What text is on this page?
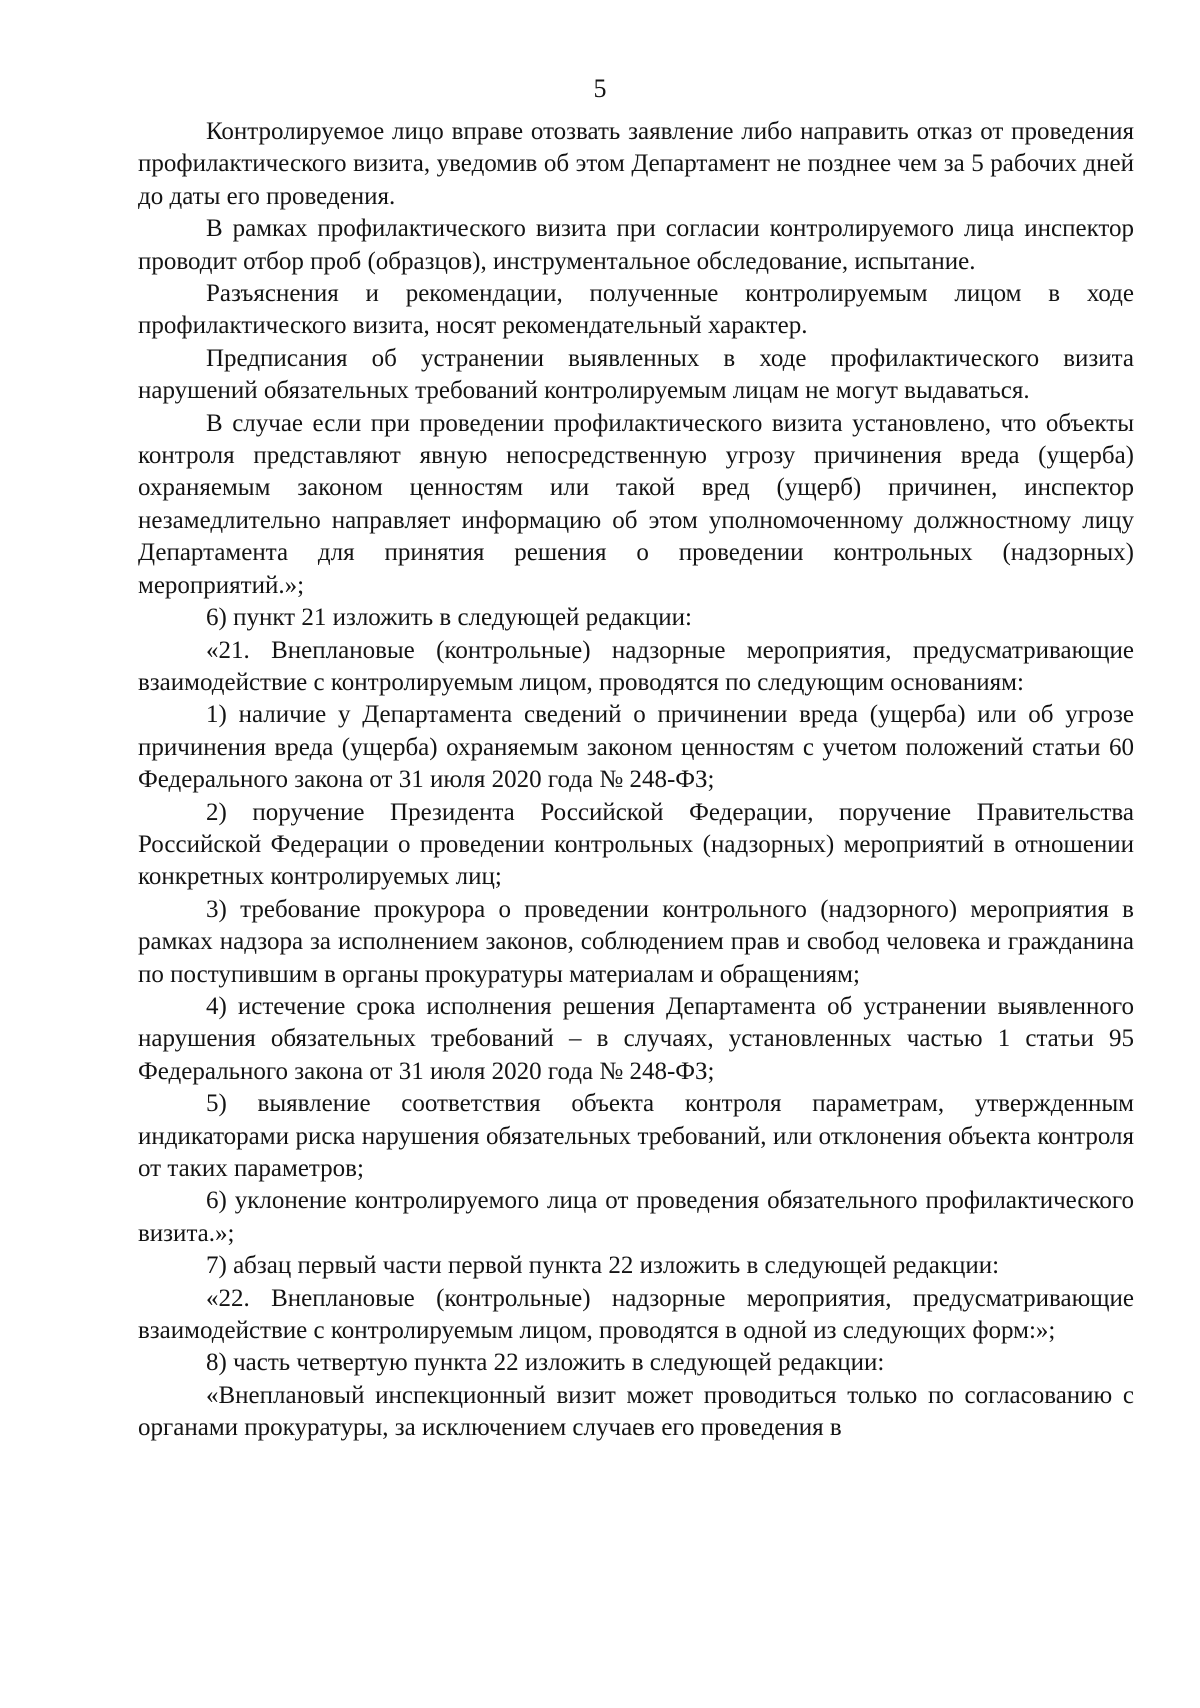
5

Контролируемое лицо вправе отозвать заявление либо направить отказ от проведения профилактического визита, уведомив об этом Департамент не позднее чем за 5 рабочих дней до даты его проведения.

В рамках профилактического визита при согласии контролируемого лица инспектор проводит отбор проб (образцов), инструментальное обследование, испытание.

Разъяснения и рекомендации, полученные контролируемым лицом в ходе профилактического визита, носят рекомендательный характер.

Предписания об устранении выявленных в ходе профилактического визита нарушений обязательных требований контролируемым лицам не могут выдаваться.

В случае если при проведении профилактического визита установлено, что объекты контроля представляют явную непосредственную угрозу причинения вреда (ущерба) охраняемым законом ценностям или такой вред (ущерб) причинен, инспектор незамедлительно направляет информацию об этом уполномоченному должностному лицу Департамента для принятия решения о проведении контрольных (надзорных) мероприятий.»;

6) пункт 21 изложить в следующей редакции:

«21. Внеплановые (контрольные) надзорные мероприятия, предусматривающие взаимодействие с контролируемым лицом, проводятся по следующим основаниям:

1) наличие у Департамента сведений о причинении вреда (ущерба) или об угрозе причинения вреда (ущерба) охраняемым законом ценностям с учетом положений статьи 60 Федерального закона от 31 июля 2020 года № 248-ФЗ;

2) поручение Президента Российской Федерации, поручение Правительства Российской Федерации о проведении контрольных (надзорных) мероприятий в отношении конкретных контролируемых лиц;

3) требование прокурора о проведении контрольного (надзорного) мероприятия в рамках надзора за исполнением законов, соблюдением прав и свобод человека и гражданина по поступившим в органы прокуратуры материалам и обращениям;

4) истечение срока исполнения решения Департамента об устранении выявленного нарушения обязательных требований – в случаях, установленных частью 1 статьи 95 Федерального закона от 31 июля 2020 года № 248-ФЗ;

5) выявление соответствия объекта контроля параметрам, утвержденным индикаторами риска нарушения обязательных требований, или отклонения объекта контроля от таких параметров;

6) уклонение контролируемого лица от проведения обязательного профилактического визита.»;

7) абзац первый части первой пункта 22 изложить в следующей редакции:

«22. Внеплановые (контрольные) надзорные мероприятия, предусматривающие взаимодействие с контролируемым лицом, проводятся в одной из следующих форм:»;

8) часть четвертую пункта 22 изложить в следующей редакции:

«Внеплановый инспекционный визит может проводиться только по согласованию с органами прокуратуры, за исключением случаев его проведения в
